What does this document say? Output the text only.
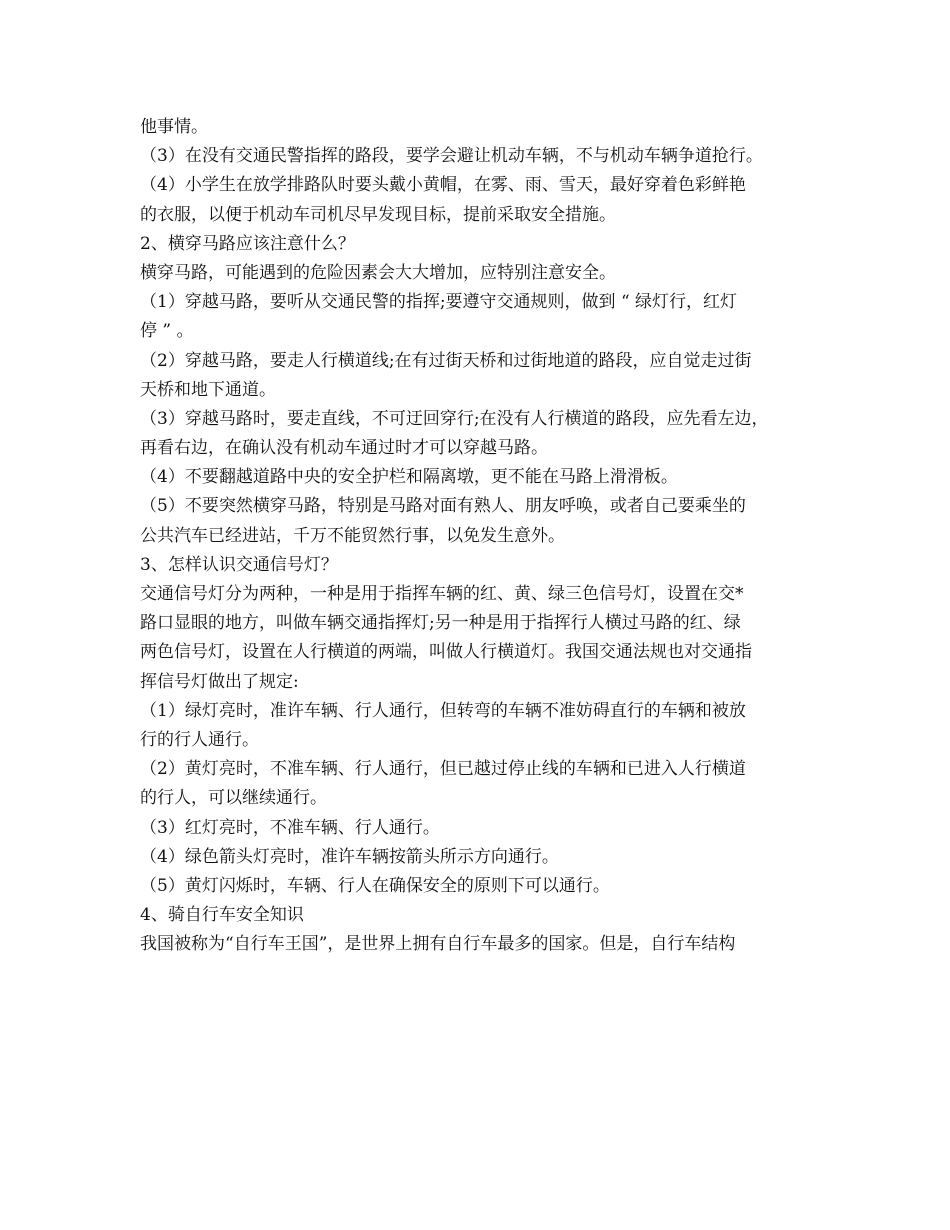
他事情。
（3）在没有交通民警指挥的路段，要学会避让机动车辆，不与机动车辆争道抢行。
（4）小学生在放学排路队时要头戴小黄帽，在雾、雨、雪天，最好穿着色彩鲜艳
的衣服，以便于机动车司机尽早发现目标，提前采取安全措施。
2、横穿马路应该注意什么？
横穿马路，可能遇到的危险因素会大大增加，应特别注意安全。
（1）穿越马路，要听从交通民警的指挥;要遵守交通规则，做到 “ 绿灯行，红灯
停 ” 。
（2）穿越马路，要走人行横道线;在有过街天桥和过街地道的路段，应自觉走过街
天桥和地下通道。
（3）穿越马路时，要走直线，不可迂回穿行;在没有人行横道的路段，应先看左边，
再看右边，在确认没有机动车通过时才可以穿越马路。
（4）不要翻越道路中央的安全护栏和隔离墩，更不能在马路上滑滑板。
（5）不要突然横穿马路，特别是马路对面有熟人、朋友呼唤，或者自己要乘坐的
公共汽车已经进站，千万不能贸然行事，以免发生意外。
3、怎样认识交通信号灯？
交通信号灯分为两种，一种是用于指挥车辆的红、黄、绿三色信号灯，设置在交*
路口显眼的地方，叫做车辆交通指挥灯;另一种是用于指挥行人横过马路的红、绿
两色信号灯，设置在人行横道的两端，叫做人行横道灯。我国交通法规也对交通指
挥信号灯做出了规定:
（1）绿灯亮时，准许车辆、行人通行，但转弯的车辆不准妨碍直行的车辆和被放
行的行人通行。
（2）黄灯亮时，不准车辆、行人通行，但已越过停止线的车辆和已进入人行横道
的行人，可以继续通行。
（3）红灯亮时，不准车辆、行人通行。
（4）绿色箭头灯亮时，准许车辆按箭头所示方向通行。
（5）黄灯闪烁时，车辆、行人在确保安全的原则下可以通行。
4、骑自行车安全知识
我国被称为“自行车王国”，是世界上拥有自行车最多的国家。但是，自行车结构
